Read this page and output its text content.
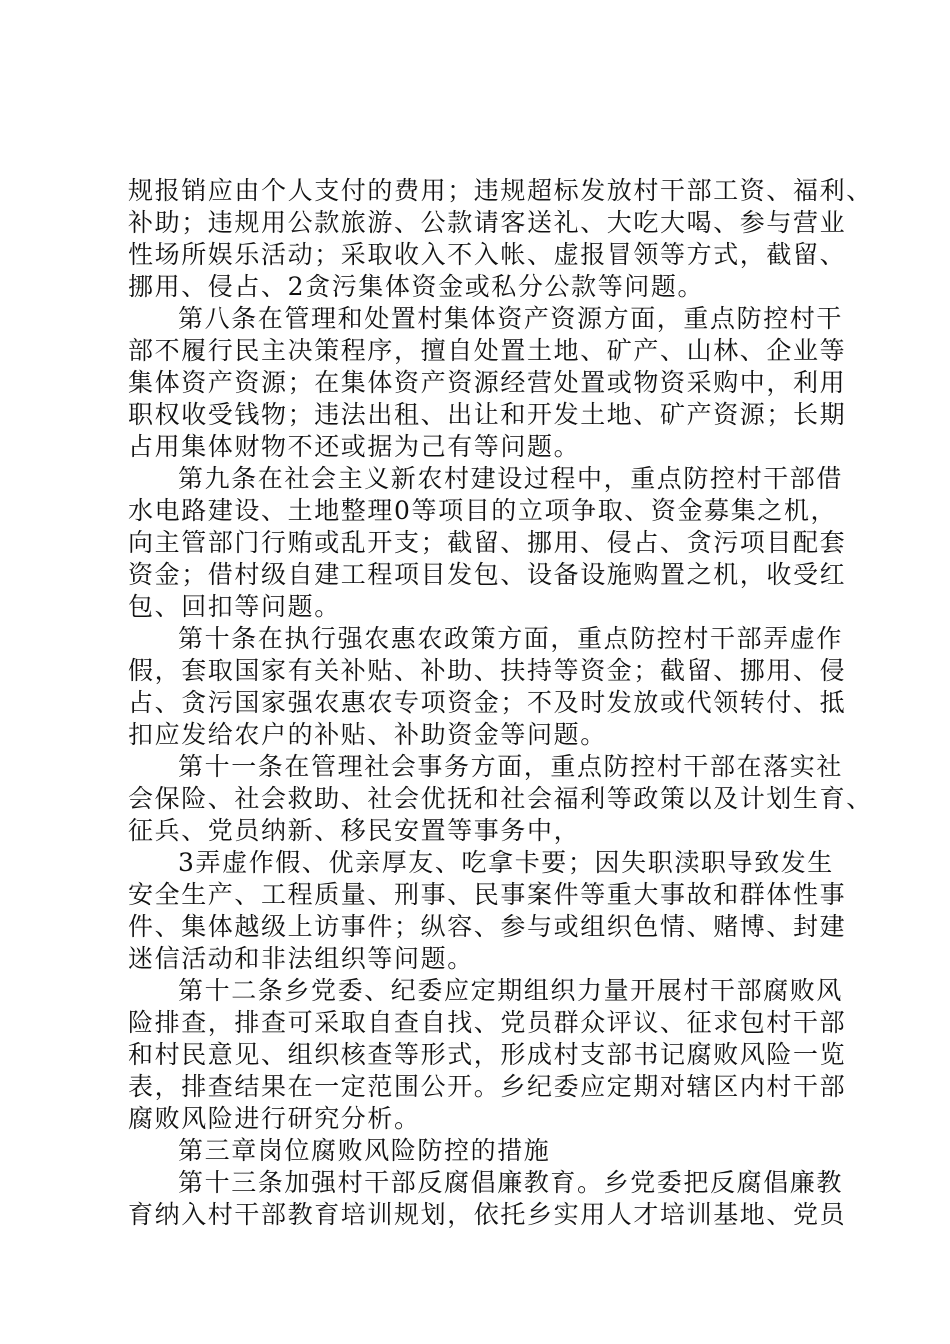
规报销应由个人支付的费用；违规超标发放村干部工资、福利、
补助；违规用公款旅游、公款请客送礼、大吃大喝、参与营业
性场所娱乐活动；采取收入不入帐、虚报冒领等方式，截留、
挪用、侵占、2贪污集体资金或私分公款等问题。
第八条在管理和处置村集体资产资源方面，重点防控村干
部不履行民主决策程序，擅自处置土地、矿产、山林、企业等
集体资产资源；在集体资产资源经营处置或物资采购中，利用
职权收受钱物；违法出租、出让和开发土地、矿产资源；长期
占用集体财物不还或据为己有等问题。
第九条在社会主义新农村建设过程中，重点防控村干部借
水电路建设、土地整理0等项目的立项争取、资金募集之机，
向主管部门行贿或乱开支；截留、挪用、侵占、贪污项目配套
资金；借村级自建工程项目发包、设备设施购置之机，收受红
包、回扣等问题。
第十条在执行强农惠农政策方面，重点防控村干部弄虚作
假，套取国家有关补贴、补助、扶持等资金；截留、挪用、侵
占、贪污国家强农惠农专项资金；不及时发放或代领转付、抵
扣应发给农户的补贴、补助资金等问题。
第十一条在管理社会事务方面，重点防控村干部在落实社
会保险、社会救助、社会优抚和社会福利等政策以及计划生育、
征兵、党员纳新、移民安置等事务中，
3弄虚作假、优亲厚友、吃拿卡要；因失职渎职导致发生
安全生产、工程质量、刑事、民事案件等重大事故和群体性事
件、集体越级上访事件；纵容、参与或组织色情、赌博、封建
迷信活动和非法组织等问题。
第十二条乡党委、纪委应定期组织力量开展村干部腐败风
险排查，排查可采取自查自找、党员群众评议、征求包村干部
和村民意见、组织核查等形式，形成村支部书记腐败风险一览
表，排查结果在一定范围公开。乡纪委应定期对辖区内村干部
腐败风险进行研究分析。
第三章岗位腐败风险防控的措施
第十三条加强村干部反腐倡廉教育。乡党委把反腐倡廉教
育纳入村干部教育培训规划，依托乡实用人才培训基地、党员
